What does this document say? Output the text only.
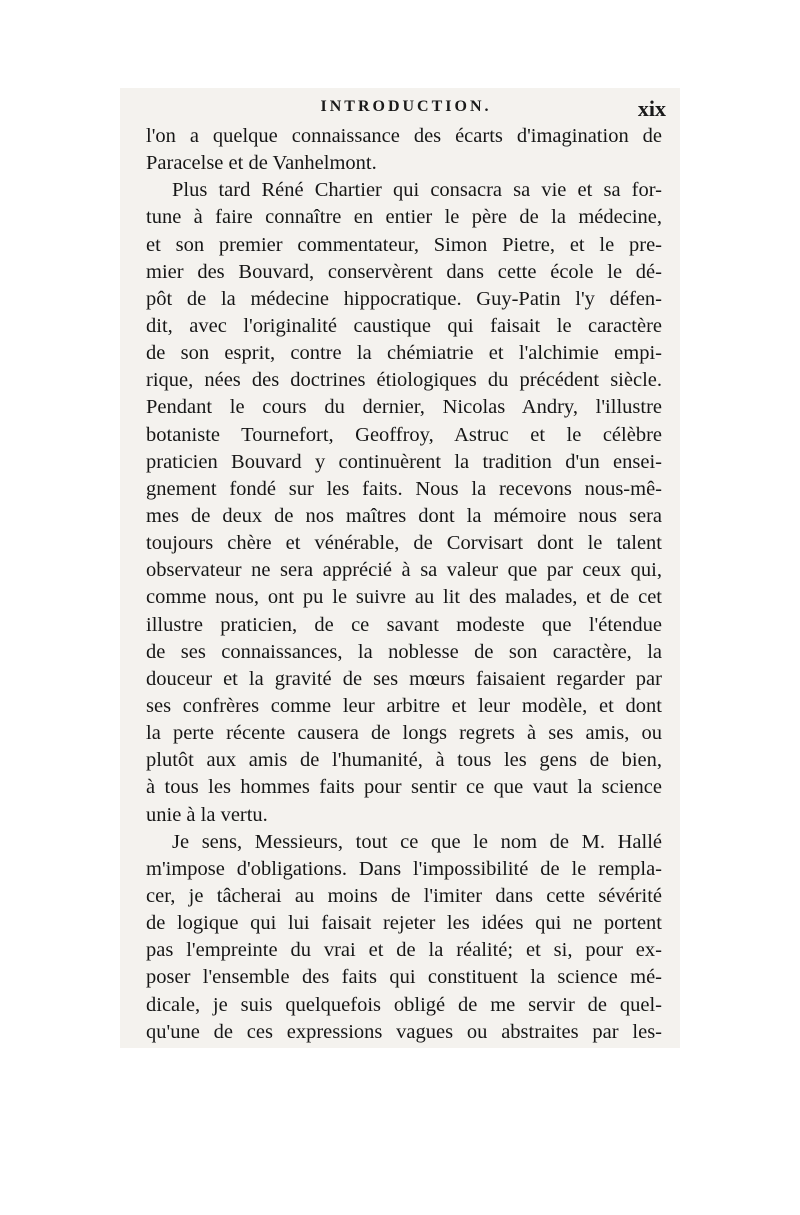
INTRODUCTION.	xix
l'on a quelque connaissance des écarts d'imagination de
Paracelse et de Vanhelmont.
Plus tard Réné Chartier qui consacra sa vie et sa for-
tune à faire connaître en entier le père de la médecine,
et son premier commentateur, Simon Pietre, et le pre-
mier des Bouvard, conservèrent dans cette école le dé-
pôt de la médecine hippocratique. Guy-Patin l'y défen-
dit, avec l'originalité caustique qui faisait le caractère
de son esprit, contre la chémiatrie et l'alchimie empi-
rique, nées des doctrines étiologiques du précédent siècle.
Pendant le cours du dernier, Nicolas Andry, l'illustre
botaniste Tournefort, Geoffroy, Astruc et le célèbre
praticien Bouvard y continuèrent la tradition d'un ensei-
gnement fondé sur les faits. Nous la recevons nous-mê-
mes de deux de nos maîtres dont la mémoire nous sera
toujours chère et vénérable, de Corvisart dont le talent
observateur ne sera apprécié à sa valeur que par ceux qui,
comme nous, ont pu le suivre au lit des malades, et de cet
illustre praticien, de ce savant modeste que l'étendue
de ses connaissances, la noblesse de son caractère, la
douceur et la gravité de ses mœurs faisaient regarder par
ses confrères comme leur arbitre et leur modèle, et dont
la perte récente causera de longs regrets à ses amis, ou
plutôt aux amis de l'humanité, à tous les gens de bien,
à tous les hommes faits pour sentir ce que vaut la science
unie à la vertu.
Je sens, Messieurs, tout ce que le nom de M. Hallé
m'impose d'obligations. Dans l'impossibilité de le rempla-
cer, je tâcherai au moins de l'imiter dans cette sévérité
de logique qui lui faisait rejeter les idées qui ne portent
pas l'empreinte du vrai et de la réalité; et si, pour ex-
poser l'ensemble des faits qui constituent la science mé-
dicale, je suis quelquefois obligé de me servir de quel-
qu'une de ces expressions vagues ou abstraites par les-
